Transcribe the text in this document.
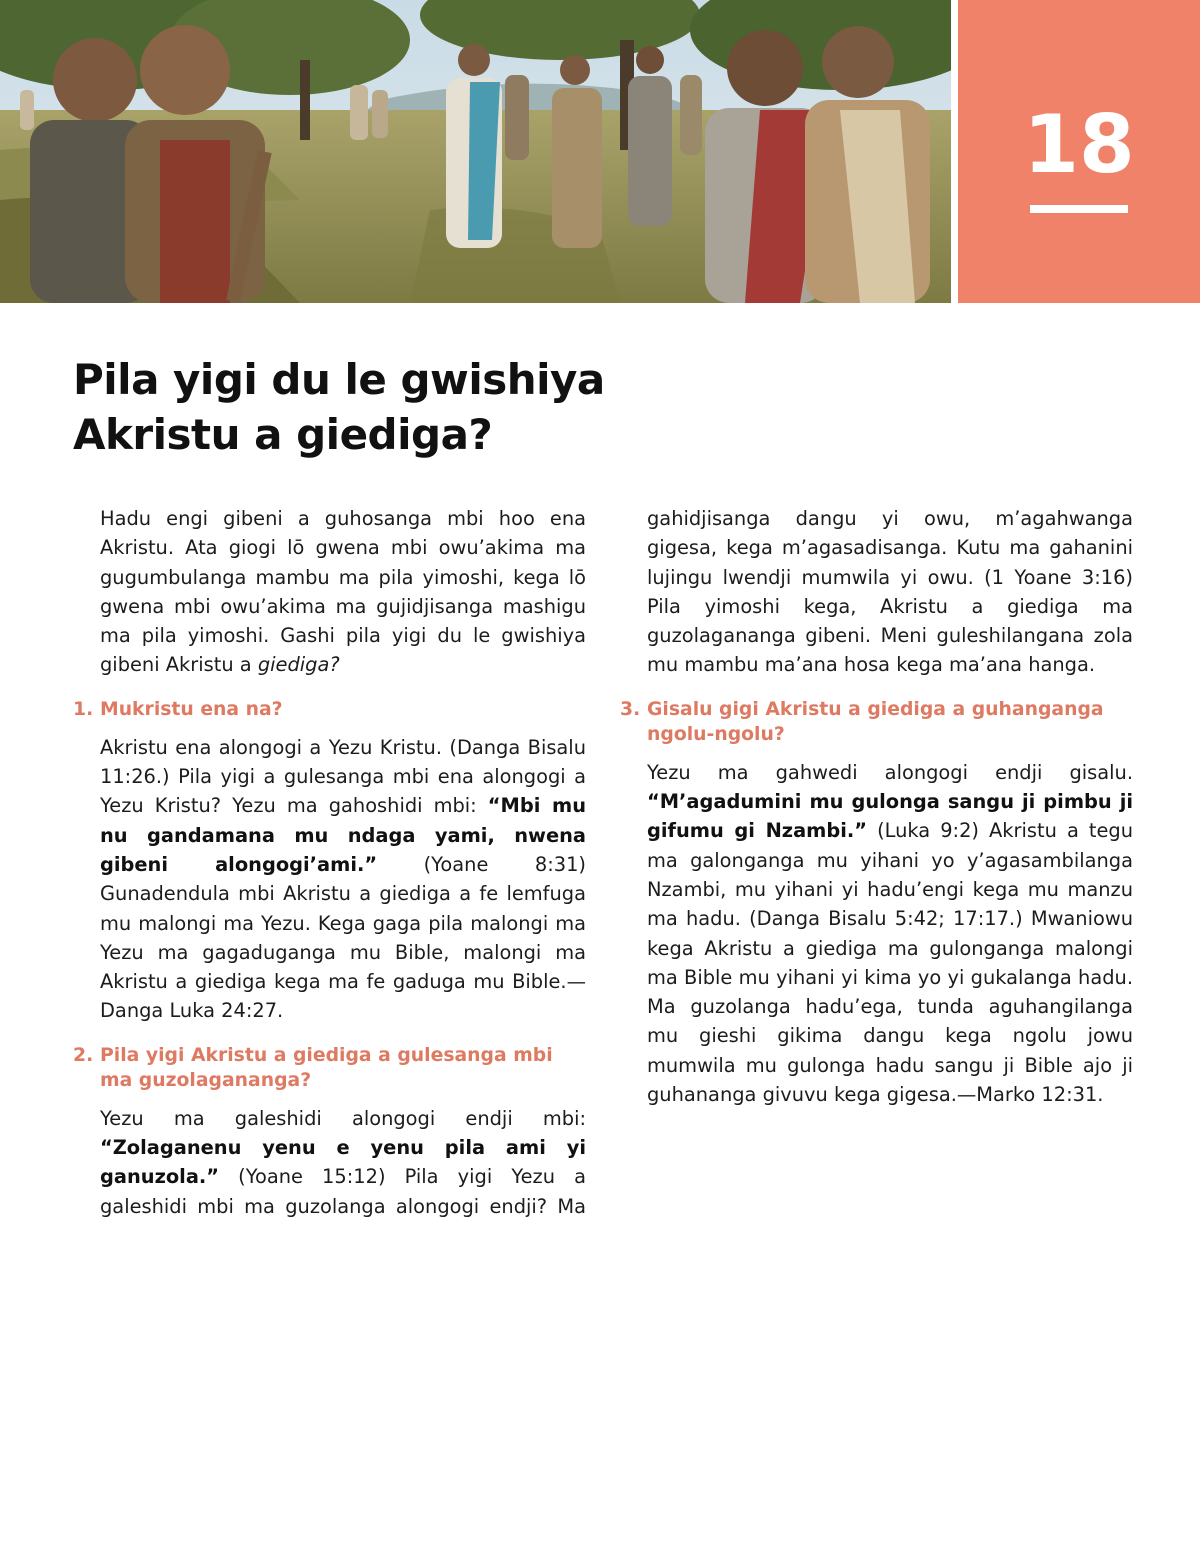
18
Pila yigi du le gwishiya
Akristu a giediga?

Hadu engi gibeni a guhosanga mbi hoo ena Akristu. Ata giogi lō gwena mbi owu’akima ma gugumbulanga mambu ma pila yimoshi, kega lō gwena mbi owu’akima ma gujidjisanga mashigu ma pila yimoshi. Gashi pila yigi du le gwishiya gibeni Akristu a giediga?

1. Mukristu ena na?

Akristu ena alongogi a Yezu Kristu. (Danga Bisalu 11:26.) Pila yigi a gulesanga mbi ena alongogi a Yezu Kristu? Yezu ma gahoshidi mbi: “Mbi mu nu gandamana mu ndaga yami, nwena gibeni alongogi’ami.” (Yoane 8:31) Gunadendula mbi Akristu a giediga a fe lemfuga mu malongi ma Yezu. Kega gaga pila malongi ma Yezu ma gagaduganga mu Bible, malongi ma Akristu a giediga kega ma fe gaduga mu Bible.—Danga Luka 24:27.

2. Pila yigi Akristu a giediga a gulesanga mbi ma guzolagananga?

Yezu ma galeshidi alongogi endji mbi: “Zolaganenu yenu e yenu pila ami yi ganuzola.” (Yoane 15:12) Pila yigi Yezu a galeshidi mbi ma guzolanga alongogi endji? Ma

gahidjisanga dangu yi owu, m’agahwanga gigesa, kega m’agasadisanga. Kutu ma gahanini lujingu lwendji mumwila yi owu. (1 Yoane 3:16) Pila yimoshi kega, Akristu a giediga ma guzolagananga gibeni. Meni guleshilangana zola mu mambu ma’ana hosa kega ma’ana hanga.

3. Gisalu gigi Akristu a giediga a guhanganga ngolu-ngolu?

Yezu ma gahwedi alongogi endji gisalu. “M’agadumini mu gulonga sangu ji pimbu ji gifumu gi Nzambi.” (Luka 9:2) Akristu a tegu ma galonganga mu yihani yo y’agasambilanga Nzambi, mu yihani yi hadu’engi kega mu manzu ma hadu. (Danga Bisalu 5:42; 17:17.) Mwaniowu kega Akristu a giediga ma gulonganga malongi ma Bible mu yihani yi kima yo yi gukalanga hadu. Ma guzolanga hadu’ega, tunda aguhangilanga mu gieshi gikima dangu kega ngolu jowu mumwila mu gulonga hadu sangu ji Bible ajo ji guhananga givuvu kega gigesa.—Marko 12:31.
